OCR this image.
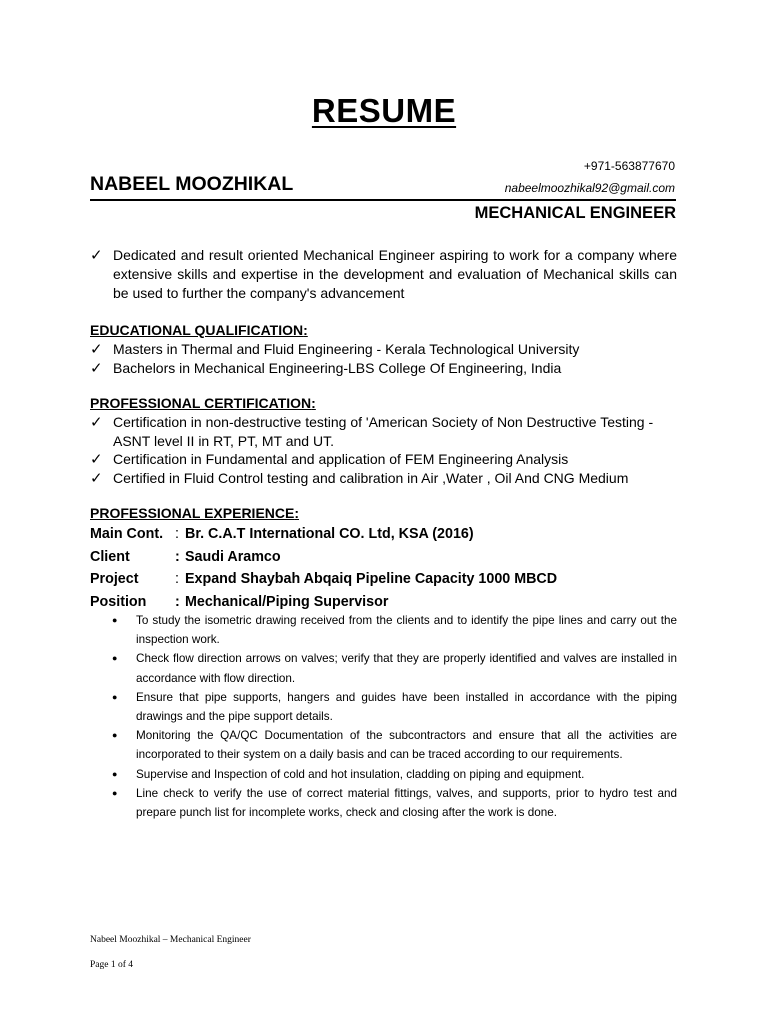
RESUME
+971-563877670
NABEEL MOOZHIKAL	nabeelmoozhikal92@gmail.com
MECHANICAL ENGINEER
✓ Dedicated and result oriented Mechanical Engineer aspiring to work for a company where extensive skills and expertise in the development and evaluation of Mechanical skills can be used to further the company's advancement
EDUCATIONAL QUALIFICATION:
✓ Masters in Thermal and Fluid Engineering - Kerala Technological University
✓ Bachelors in Mechanical Engineering-LBS College Of Engineering, India
PROFESSIONAL CERTIFICATION:
✓ Certification in non-destructive testing of 'American Society of Non Destructive Testing - ASNT level II in RT, PT, MT and UT.
✓ Certification in Fundamental and application of FEM Engineering Analysis
✓ Certified in Fluid Control testing and calibration in Air ,Water , Oil And CNG Medium
PROFESSIONAL EXPERIENCE:
Main Cont. : Br. C.A.T International CO. Ltd, KSA (2016)
Client	: Saudi Aramco
Project	: Expand Shaybah Abqaiq Pipeline Capacity 1000 MBCD
Position	: Mechanical/Piping Supervisor
●	To study the isometric drawing received from the clients and to identify the pipe lines and carry out the inspection work.
●	Check flow direction arrows on valves; verify that they are properly identified and valves are installed in accordance with flow direction.
●	Ensure that pipe supports, hangers and guides have been installed in accordance with the piping drawings and the pipe support details.
●	Monitoring the QA/QC Documentation of the subcontractors and ensure that all the activities are incorporated to their system on a daily basis and can be traced according to our requirements.
●	Supervise and Inspection of cold and hot insulation, cladding on piping and equipment.
●	Line check to verify the use of correct material fittings, valves, and supports, prior to hydro test and prepare punch list for incomplete works, check and closing after the work is done.
Nabeel Moozhikal – Mechanical Engineer
Page 1 of 4
